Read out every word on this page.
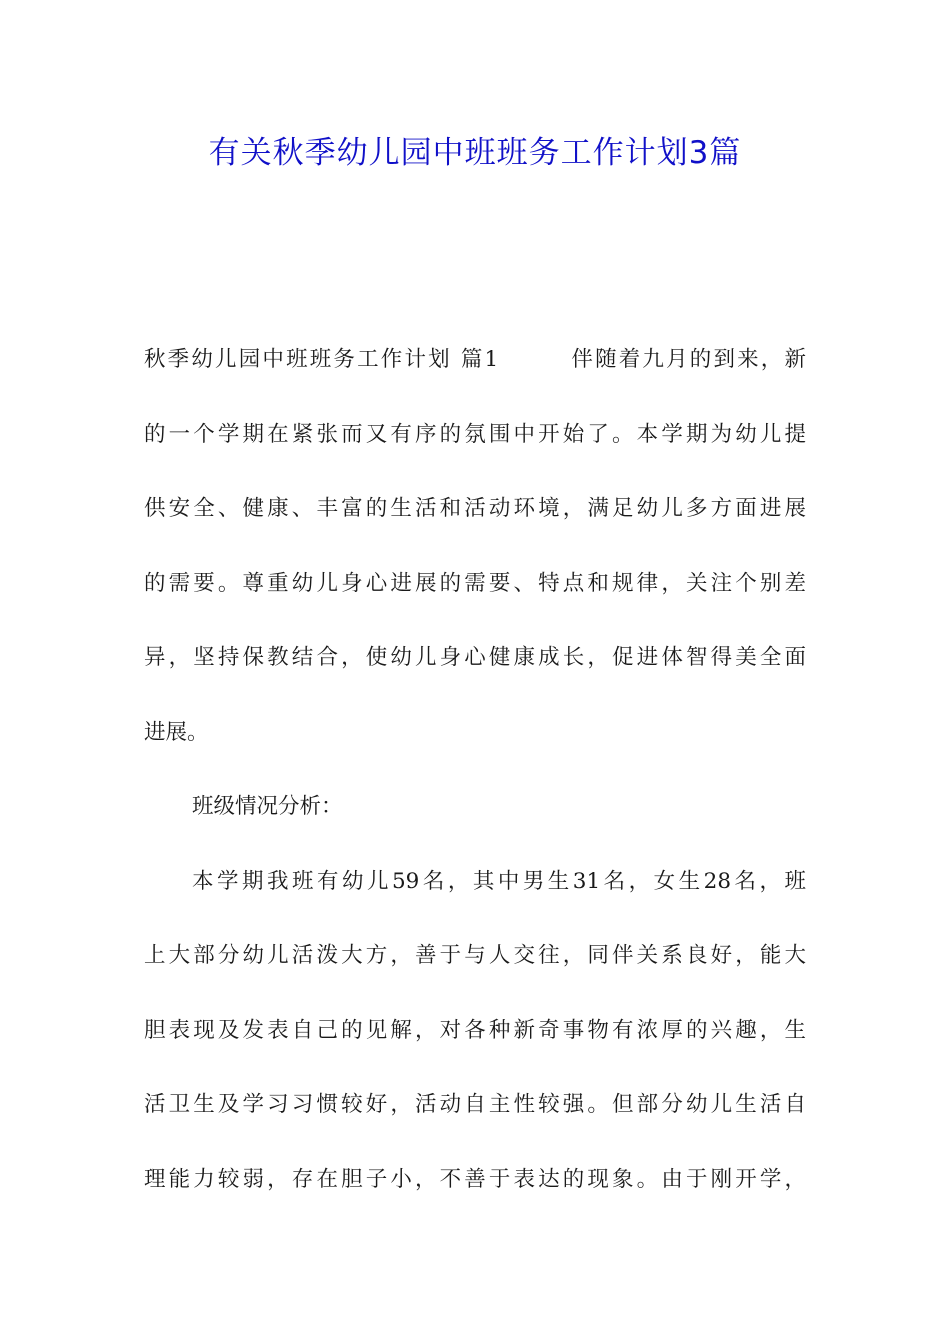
有关秋季幼儿园中班班务工作计划3篇
秋季幼儿园中班班务工作计划 篇1　　　伴随着九月的到来，新
的一个学期在紧张而又有序的氛围中开始了。本学期为幼儿提
供安全、健康、丰富的生活和活动环境，满足幼儿多方面进展
的需要。尊重幼儿身心进展的需要、特点和规律，关注个别差
异，坚持保教结合，使幼儿身心健康成长，促进体智得美全面
进展。
班级情况分析：
本学期我班有幼儿59名，其中男生31名，女生28名，班
上大部分幼儿活泼大方，善于与人交往，同伴关系良好，能大
胆表现及发表自己的见解，对各种新奇事物有浓厚的兴趣，生
活卫生及学习习惯较好，活动自主性较强。但部分幼儿生活自
理能力较弱，存在胆子小，不善于表达的现象。由于刚开学，
